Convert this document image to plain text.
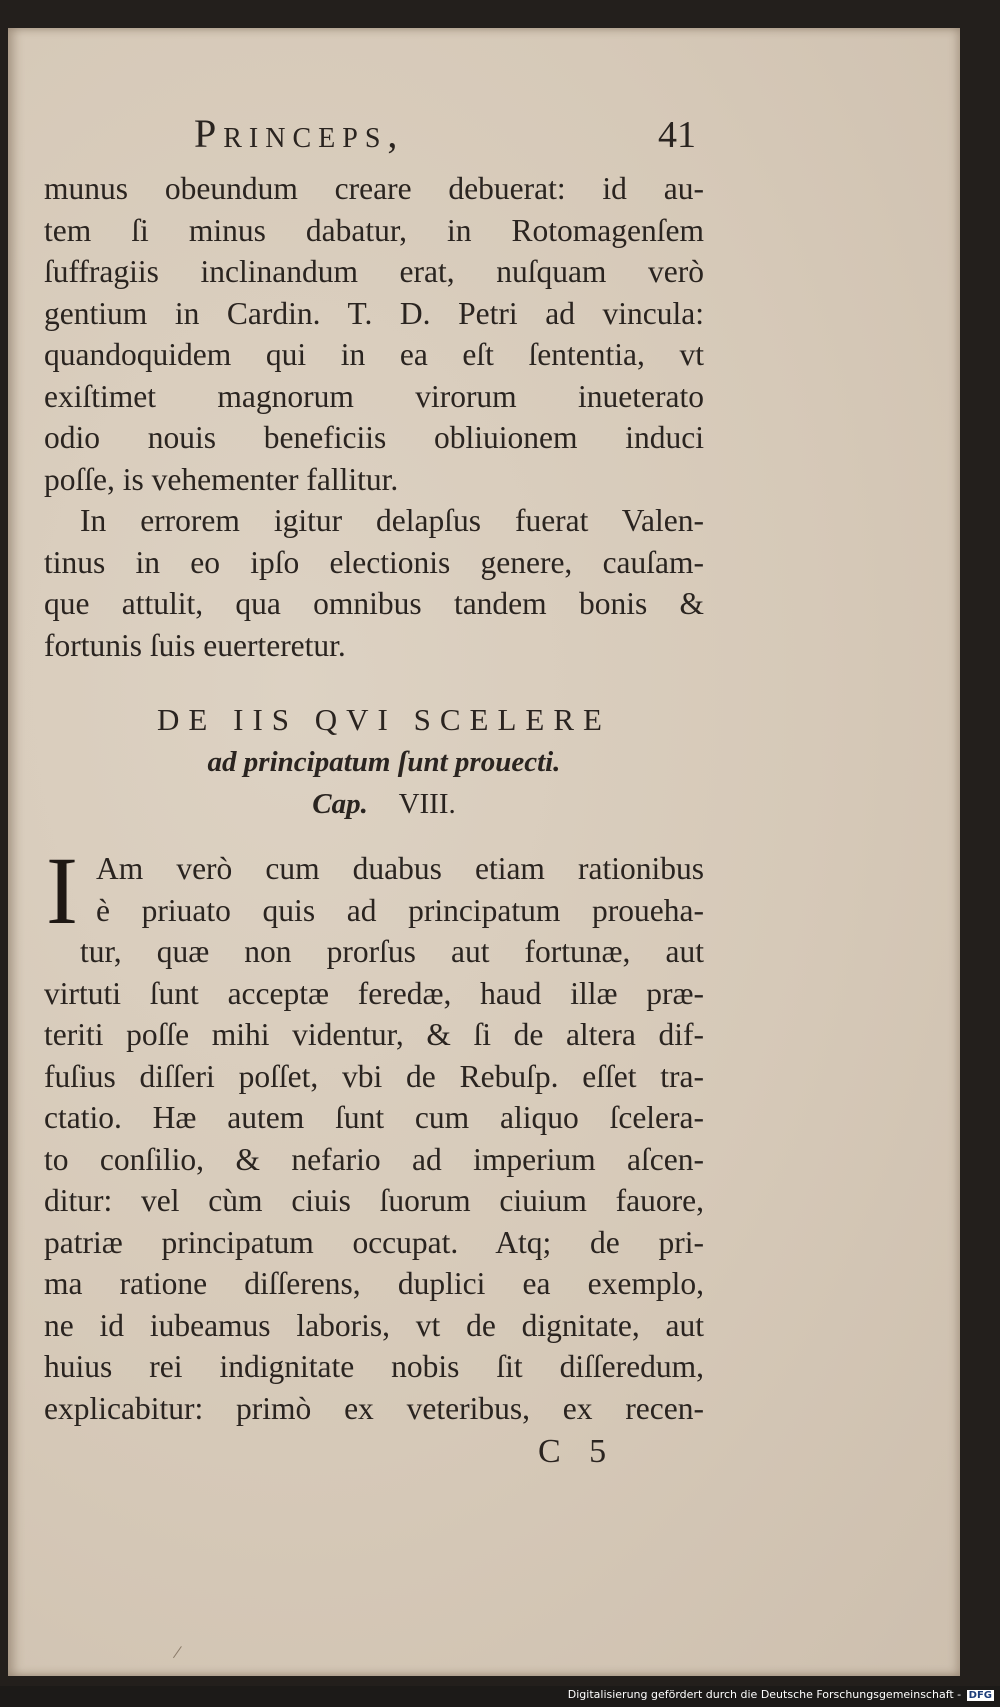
Princeps,	41
munus obeundum creare debuerat: id au-
tem ſi minus dabatur, in Rotomagenſem
ſuffragiis inclinandum erat, nuſquam verò
gentium in Cardin. T. D. Petri ad vincula:
quandoquidem qui in ea eſt ſententia, vt
exiſtimet magnorum virorum inueterato
odio nouis beneficiis obliuionem induci
poſſe, is vehementer fallitur.
In errorem igitur delapſus fuerat Valen-
tinus in eo ipſo electionis genere, cauſam-
que attulit, qua omnibus tandem bonis &
fortunis ſuis euerteretur.
DE IIS QVI SCELERE
ad principatum ſunt prouecti.
Cap. VIII.
I Am verò cum duabus etiam rationibus
è priuato quis ad principatum proueha-
tur, quæ non prorſus aut fortunæ, aut
virtuti ſunt acceptæ feredæ, haud illæ præ-
teriti poſſe mihi videntur, & ſi de altera dif-
fuſius diſſeri poſſet, vbi de Rebuſp. eſſet tra-
ctatio. Hæ autem ſunt cum aliquo ſcelera-
to conſilio, & nefario ad imperium aſcen-
ditur: vel cùm ciuis ſuorum ciuium fauore,
patriæ principatum occupat. Atq; de pri-
ma ratione diſſerens, duplici ea exemplo,
ne id iubeamus laboris, vt de dignitate, aut
huius rei indignitate nobis ſit diſſeredum,
explicabitur: primò ex veteribus, ex recen-
C 5
Digitalisierung gefördert durch die Deutsche Forschungsgemeinschaft - DFG
